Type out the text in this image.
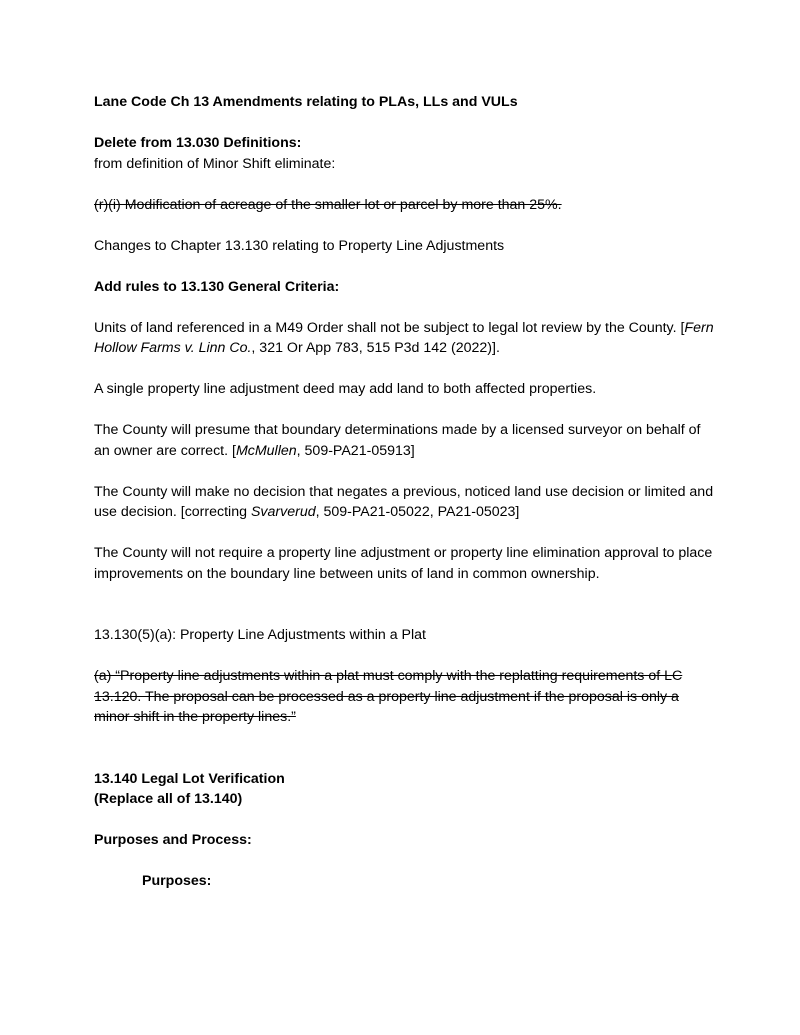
Lane Code Ch 13 Amendments relating to PLAs, LLs and VULs

Delete from 13.030 Definitions:

from definition of Minor Shift eliminate:

(r)(i) Modification of acreage of the smaller lot or parcel by more than 25%.

Changes to Chapter 13.130 relating to Property Line Adjustments

Add rules to 13.130 General Criteria:

Units of land referenced in a M49 Order shall not be subject to legal lot review by the County. [Fern Hollow Farms v. Linn Co., 321 Or App 783, 515 P3d 142 (2022)].

A single property line adjustment deed may add land to both affected properties.

The County will presume that boundary determinations made by a licensed surveyor on behalf of an owner are correct. [McMullen, 509-PA21-05913]

The County will make no decision that negates a previous, noticed land use decision or limited and use decision. [correcting Svarverud, 509-PA21-05022, PA21-05023]

The County will not require a property line adjustment or property line elimination approval to place improvements on the boundary line between units of land in common ownership.

13.130(5)(a): Property Line Adjustments within a Plat

(a) “Property line adjustments within a plat must comply with the replatting requirements of LC 13.120. The proposal can be processed as a property line adjustment if the proposal is only a minor shift in the property lines.”

13.140 Legal Lot Verification

(Replace all of 13.140)

Purposes and Process:

Purposes:
